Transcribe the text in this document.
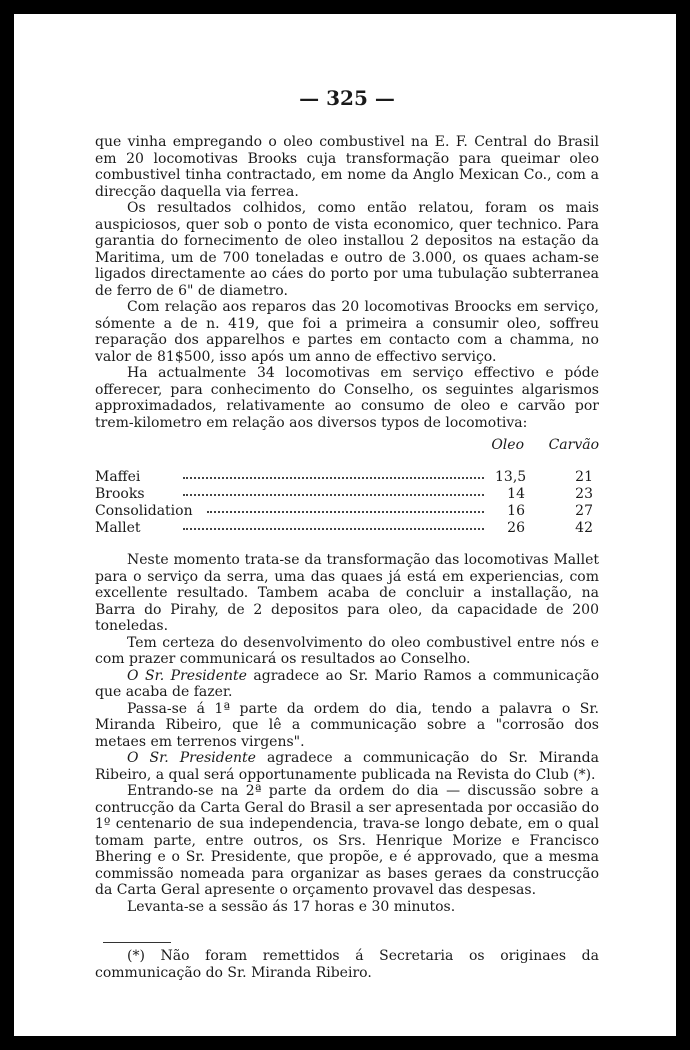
— 325 —

que vinha empregando o oleo combustivel na E. F. Central do Brasil em 20 locomotivas Brooks cuja transformação para queimar oleo combustivel tinha contractado, em nome da Anglo Mexican Co., com a direcção daquella via ferrea.

Os resultados colhidos, como então relatou, foram os mais auspiciosos, quer sob o ponto de vista economico, quer technico. Para garantia do fornecimento de oleo installou 2 depositos na estação da Maritima, um de 700 toneladas e outro de 3.000, os quaes acham-se ligados directamente ao cáes do porto por uma tubulação subterranea de ferro de 6" de diametro.

Com relação aos reparos das 20 locomotivas Broocks em serviço, sómente a de n. 419, que foi a primeira a consumir oleo, soffreu reparação dos apparelhos e partes em contacto com a chamma, no valor de 81$500, isso após um anno de effectivo serviço.

Ha actualmente 34 locomotivas em serviço effectivo e póde offerecer, para conhecimento do Conselho, os seguintes algarismos approximadados, relativamente ao consumo de oleo e carvão por trem-kilometro em relação aos diversos typos de locomotiva:

Oleo Carvão
Maffei	13,5	21
Brooks	14	23
Consolidation	16	27
Mallet	26	42

Neste momento trata-se da transformação das locomotivas Mallet para o serviço da serra, uma das quaes já está em experiencias, com excellente resultado. Tambem acaba de concluir a installação, na Barra do Pirahy, de 2 depositos para oleo, da capacidade de 200 toneledas.

Tem certeza do desenvolvimento do oleo combustivel entre nós e com prazer communicará os resultados ao Conselho.

O Sr. Presidente agradece ao Sr. Mario Ramos a communicação que acaba de fazer.

Passa-se á 1ª parte da ordem do dia, tendo a palavra o Sr. Miranda Ribeiro, que lê a communicação sobre a "corrosão dos metaes em terrenos virgens".

O Sr. Presidente agradece a communicação do Sr. Miranda Ribeiro, a qual será opportunamente publicada na Revista do Club (*).

Entrando-se na 2ª parte da ordem do dia — discussão sobre a contrucção da Carta Geral do Brasil a ser apresentada por occasião do 1º centenario de sua independencia, trava-se longo debate, em o qual tomam parte, entre outros, os Srs. Henrique Morize e Francisco Bhering e o Sr. Presidente, que propõe, e é approvado, que a mesma commissão nomeada para organizar as bases geraes da construcção da Carta Geral apresente o orçamento provavel das despesas.

Levanta-se a sessão ás 17 horas e 30 minutos.

(*) Não foram remettidos á Secretaria os originaes da communicação do Sr. Miranda Ribeiro.
